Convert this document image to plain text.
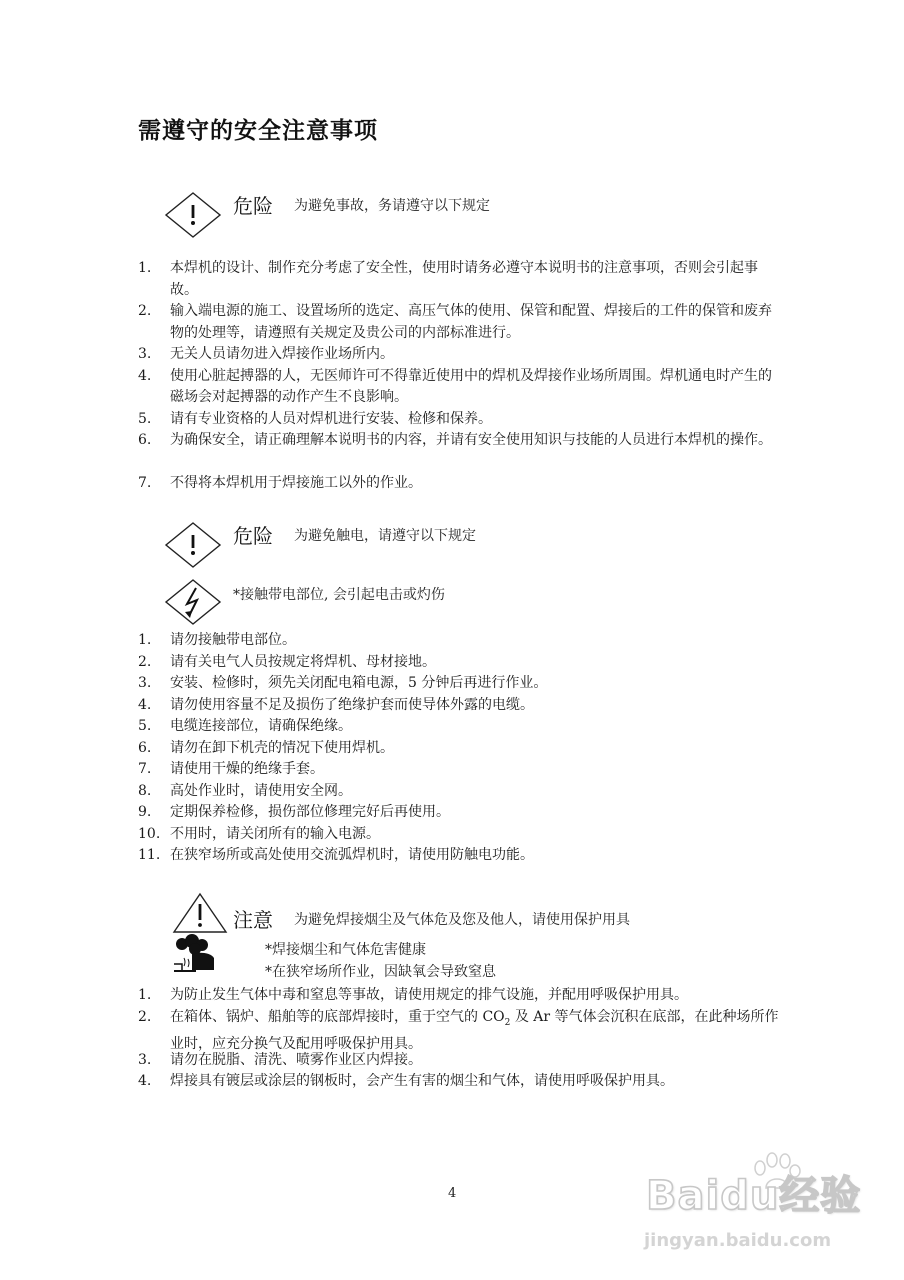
需遵守的安全注意事项
危险 为避免事故，务请遵守以下规定
1. 本焊机的设计、制作充分考虑了安全性，使用时请务必遵守本说明书的注意事项，否则会引起事故。
2. 输入端电源的施工、设置场所的选定、高压气体的使用、保管和配置、焊接后的工件的保管和废弃物的处理等，请遵照有关规定及贵公司的内部标准进行。
3. 无关人员请勿进入焊接作业场所内。
4. 使用心脏起搏器的人，无医师许可不得靠近使用中的焊机及焊接作业场所周围。焊机通电时产生的磁场会对起搏器的动作产生不良影响。
5. 请有专业资格的人员对焊机进行安装、检修和保养。
6. 为确保安全，请正确理解本说明书的内容，并请有安全使用知识与技能的人员进行本焊机的操作。
7. 不得将本焊机用于焊接施工以外的作业。
危险 为避免触电，请遵守以下规定
*接触带电部位, 会引起电击或灼伤
1. 请勿接触带电部位。
2. 请有关电气人员按规定将焊机、母材接地。
3. 安装、检修时，须先关闭配电箱电源，5 分钟后再进行作业。
4. 请勿使用容量不足及损伤了绝缘护套而使导体外露的电缆。
5. 电缆连接部位，请确保绝缘。
6. 请勿在卸下机壳的情况下使用焊机。
7. 请使用干燥的绝缘手套。
8. 高处作业时，请使用安全网。
9. 定期保养检修，损伤部位修理完好后再使用。
10. 不用时，请关闭所有的输入电源。
11. 在狭窄场所或高处使用交流弧焊机时，请使用防触电功能。
注意 为避免焊接烟尘及气体危及您及他人，请使用保护用具
*焊接烟尘和气体危害健康
*在狭窄场所作业，因缺氧会导致窒息
1. 为防止发生气体中毒和窒息等事故，请使用规定的排气设施，并配用呼吸保护用具。
2. 在箱体、锅炉、船舶等的底部焊接时，重于空气的 $CO_2$ 及 Ar 等气体会沉积在底部，在此种场所作业时，应充分换气及配用呼吸保护用具。
3. 请勿在脱脂、清洗、喷雾作业区内焊接。
4. 焊接具有镀层或涂层的钢板时，会产生有害的烟尘和气体，请使用呼吸保护用具。
4	Baidu经验
jingyan.baidu.com
